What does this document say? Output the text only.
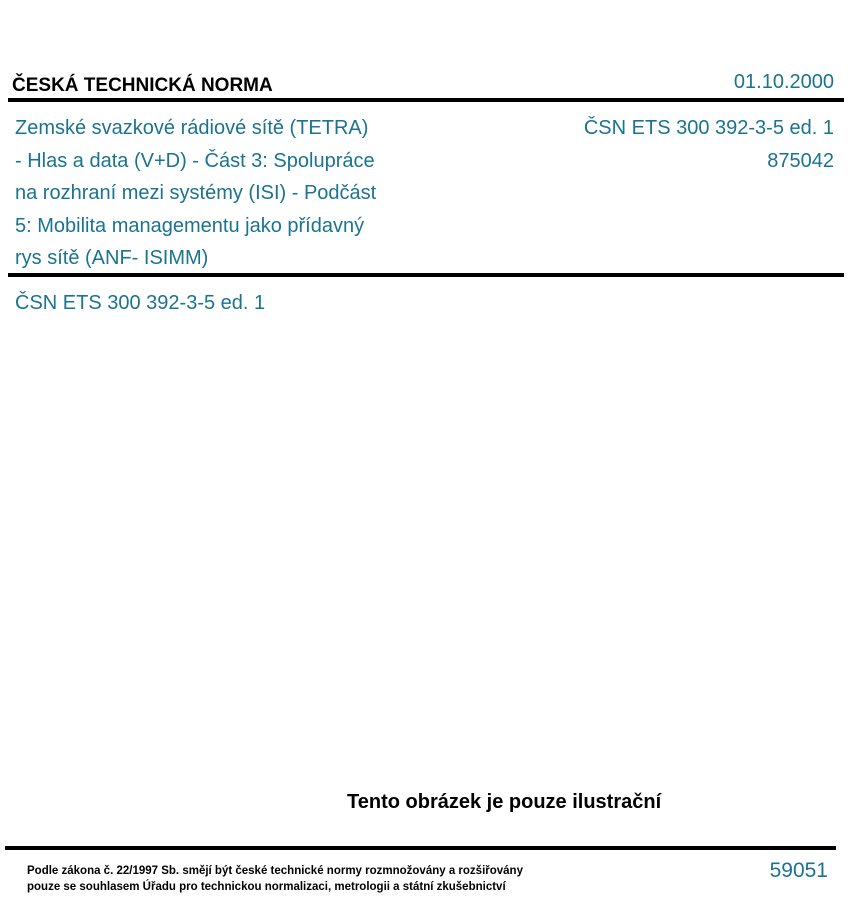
ČESKÁ TECHNICKÁ NORMA	01.10.2000
Zemské svazkové rádiové sítě (TETRA)
- Hlas a data (V+D) - Část 3: Spolupráce
na rozhraní mezi systémy (ISI) - Podčást
5: Mobilita managementu jako přídavný
rys sítě (ANF- ISIMM)
ČSN ETS 300 392-3-5 ed. 1
875042
ČSN ETS 300 392-3-5 ed. 1
Tento obrázek je pouze ilustrační
Podle zákona č. 22/1997 Sb. smějí být české technické normy rozmnožovány a rozšiřovány
pouze se souhlasem Úřadu pro technickou normalizaci, metrologii a státní zkušebnictví
59051
